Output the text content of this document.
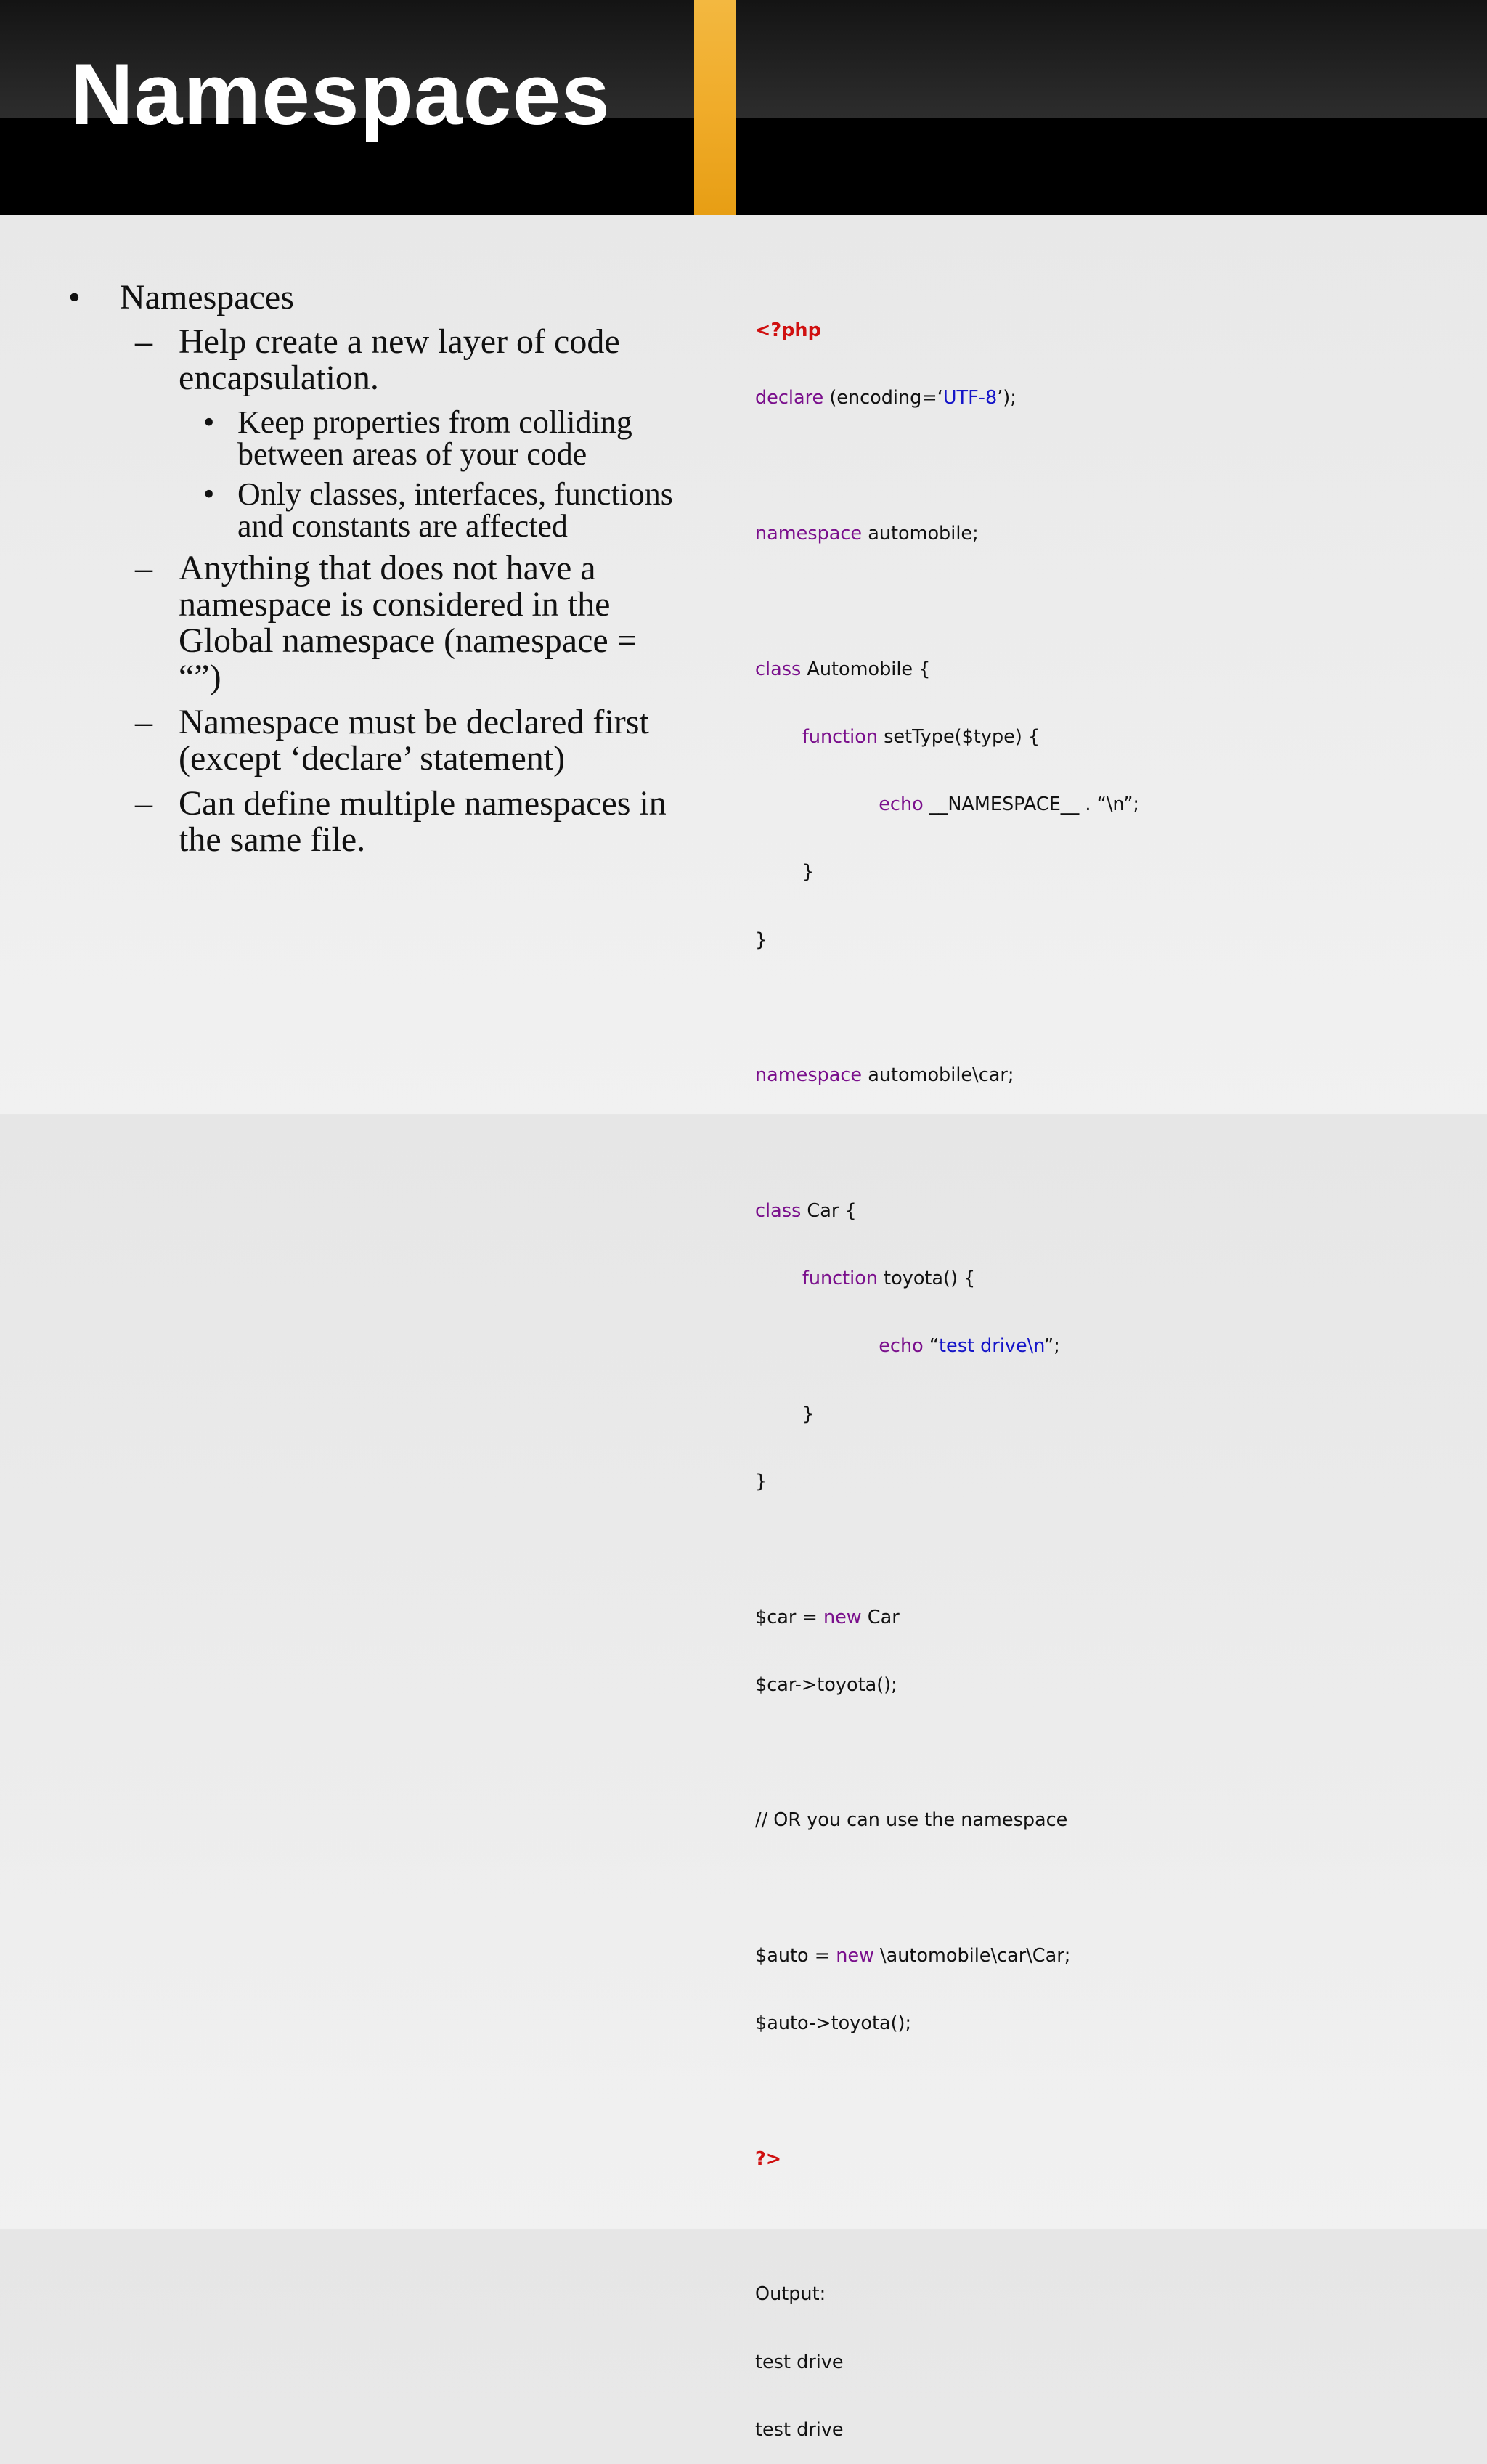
Namespaces
• Namespaces
– Help create a new layer of code
encapsulation.
• Keep properties from colliding
between areas of your code
• Only classes, interfaces, functions
and constants are affected
– Anything that does not have a
namespace is considered in the
Global namespace (namespace =
“”)
– Namespace must be declared first
(except ‘declare’ statement)
– Can define multiple namespaces in
the same file.

<?php

declare (encoding=‘UTF-8’);

namespace automobile;

class Automobile {

function setType($type) {

echo __NAMESPACE__ . “\n”;

}

}

namespace automobile\car;

class Car {

function toyota() {

echo “test drive\n”;

}

}

$car = new Car

$car->toyota();

// OR you can use the namespace

$auto = new \automobile\car\Car;

$auto->toyota();

?>

Output:

test drive

test drive
